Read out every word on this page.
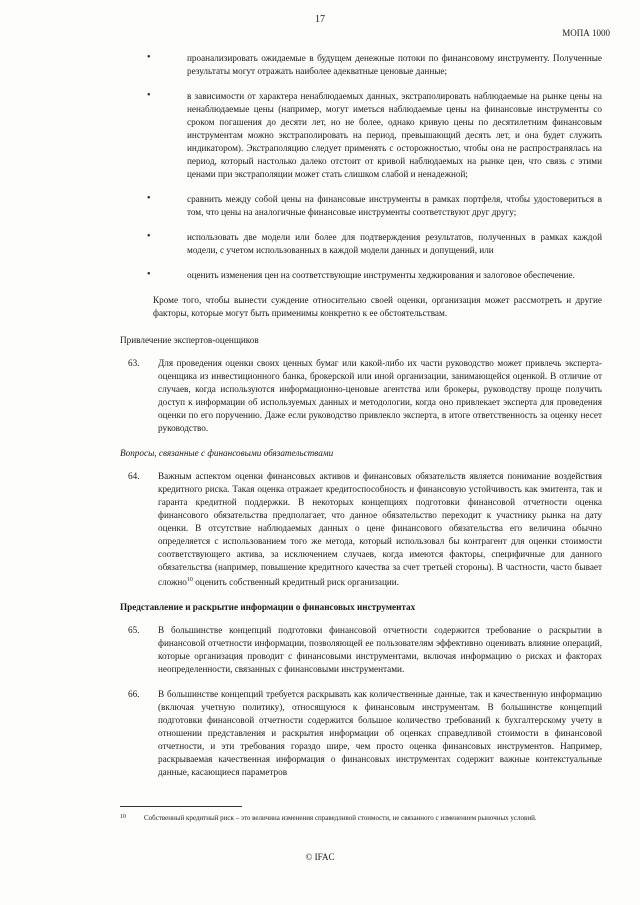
17
МОПА 1000
•	проанализировать ожидаемые в будущем денежные потоки по финансовому инструменту. Полученные результаты могут отражать наиболее адекватные ценовые данные;
•	в зависимости от характера ненаблюдаемых данных, экстраполировать наблюдаемые на рынке цены на ненаблюдаемые цены (например, могут иметься наблюдаемые цены на финансовые инструменты со сроком погашения до десяти лет, но не более, однако кривую цены по десятилетним финансовым инструментам можно экстраполировать на период, превышающий десять лет, и она будет служить индикатором). Экстраполяцию следует применять с осторожностью, чтобы она не распространялась на период, который настолько далеко отстоит от кривой наблюдаемых на рынке цен, что связь с этими ценами при экстраполяции может стать слишком слабой и ненадежной;
•	сравнить между собой цены на финансовые инструменты в рамках портфеля, чтобы удостовериться в том, что цены на аналогичные финансовые инструменты соответствуют друг другу;
•	использовать две модели или более для подтверждения результатов, полученных в рамках каждой модели, с учетом использованных в каждой модели данных и допущений, или
•	оценить изменения цен на соответствующие инструменты хеджирования и залоговое обеспечение.
Кроме того, чтобы вынести суждение относительно своей оценки, организация может рассмотреть и другие факторы, которые могут быть применимы конкретно к ее обстоятельствам.
Привлечение экспертов-оценщиков
63. Для проведения оценки своих ценных бумаг или какой-либо их части руководство может привлечь эксперта-оценщика из инвестиционного банка, брокерской или иной организации, занимающейся оценкой. В отличие от случаев, когда используются информационно-ценовые агентства или брокеры, руководству проще получить доступ к информации об используемых данных и методологии, когда оно привлекает эксперта для проведения оценки по его поручению. Даже если руководство привлекло эксперта, в итоге ответственность за оценку несет руководство.
Вопросы, связанные с финансовыми обязательствами
64. Важным аспектом оценки финансовых активов и финансовых обязательств является понимание воздействия кредитного риска. Такая оценка отражает кредитоспособность и финансовую устойчивость как эмитента, так и гаранта кредитной поддержки. В некоторых концепциях подготовки финансовой отчетности оценка финансового обязательства предполагает, что данное обязательство переходит к участнику рынка на дату оценки. В отсутствие наблюдаемых данных о цене финансового обязательства его величина обычно определяется с использованием того же метода, который использовал бы контрагент для оценки стоимости соответствующего актива, за исключением случаев, когда имеются факторы, специфичные для данного обязательства (например, повышение кредитного качества за счет третьей стороны). В частности, часто бывает сложно$^{10}$ оценить собственный кредитный риск организации.
Представление и раскрытие информации о финансовых инструментах
65. В большинстве концепций подготовки финансовой отчетности содержится требование о раскрытии в финансовой отчетности информации, позволяющей ее пользователям эффективно оценивать влияние операций, которые организация проводит с финансовыми инструментами, включая информацию о рисках и факторах неопределенности, связанных с финансовыми инструментами.
66. В большинстве концепций требуется раскрывать как количественные данные, так и качественную информацию (включая учетную политику), относящуюся к финансовым инструментам. В большинстве концепций подготовки финансовой отчетности содержится большое количество требований к бухгалтерскому учету в отношении представления и раскрытия информации об оценках справедливой стоимости в финансовой отчетности, и эти требования гораздо шире, чем просто оценка финансовых инструментов. Например, раскрываемая качественная информация о финансовых инструментах содержит важные контекстуальные данные, касающиеся параметров
10	Собственный кредитный риск – это величина изменения справедливой стоимости, не связанного с изменением рыночных условий.
© IFAC
